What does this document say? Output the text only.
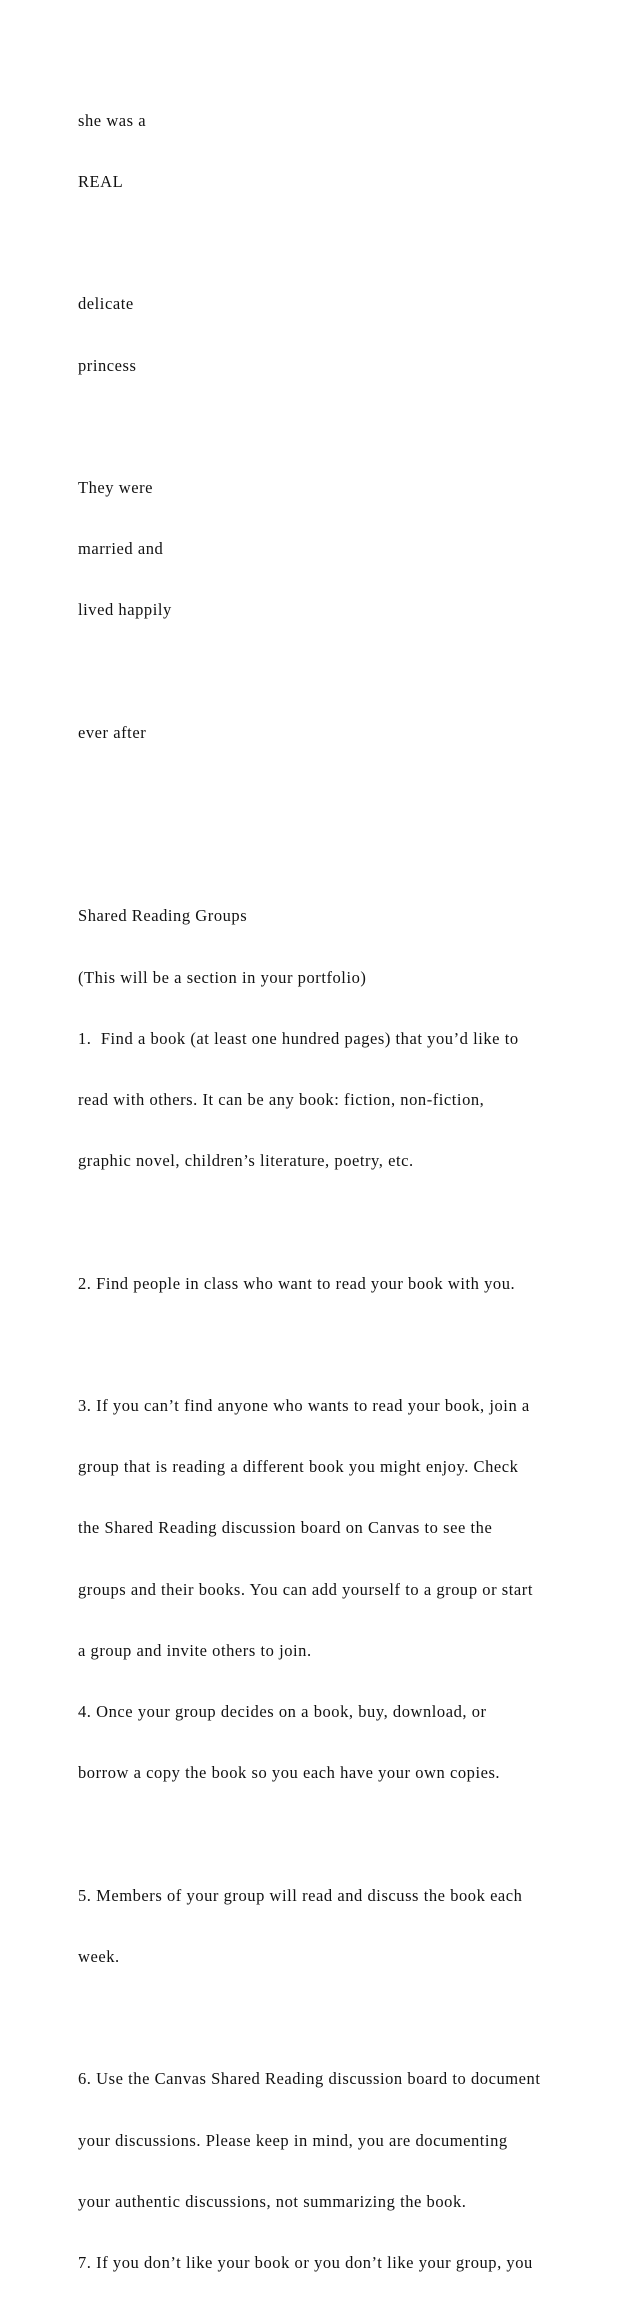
she was a

REAL

delicate

princess

They were

married and

lived happily

ever after

Shared Reading Groups

(This will be a section in your portfolio)

1.  Find a book (at least one hundred pages) that you’d like to

read with others. It can be any book: fiction, non-fiction,

graphic novel, children’s literature, poetry, etc.

2. Find people in class who want to read your book with you.

3. If you can’t find anyone who wants to read your book, join a

group that is reading a different book you might enjoy. Check

the Shared Reading discussion board on Canvas to see the

groups and their books. You can add yourself to a group or start

a group and invite others to join.

4. Once your group decides on a book, buy, download, or

borrow a copy the book so you each have your own copies.

5. Members of your group will read and discuss the book each

week.

6. Use the Canvas Shared Reading discussion board to document

your discussions. Please keep in mind, you are documenting

your authentic discussions, not summarizing the book.

7. If you don’t like your book or you don’t like your group, you
